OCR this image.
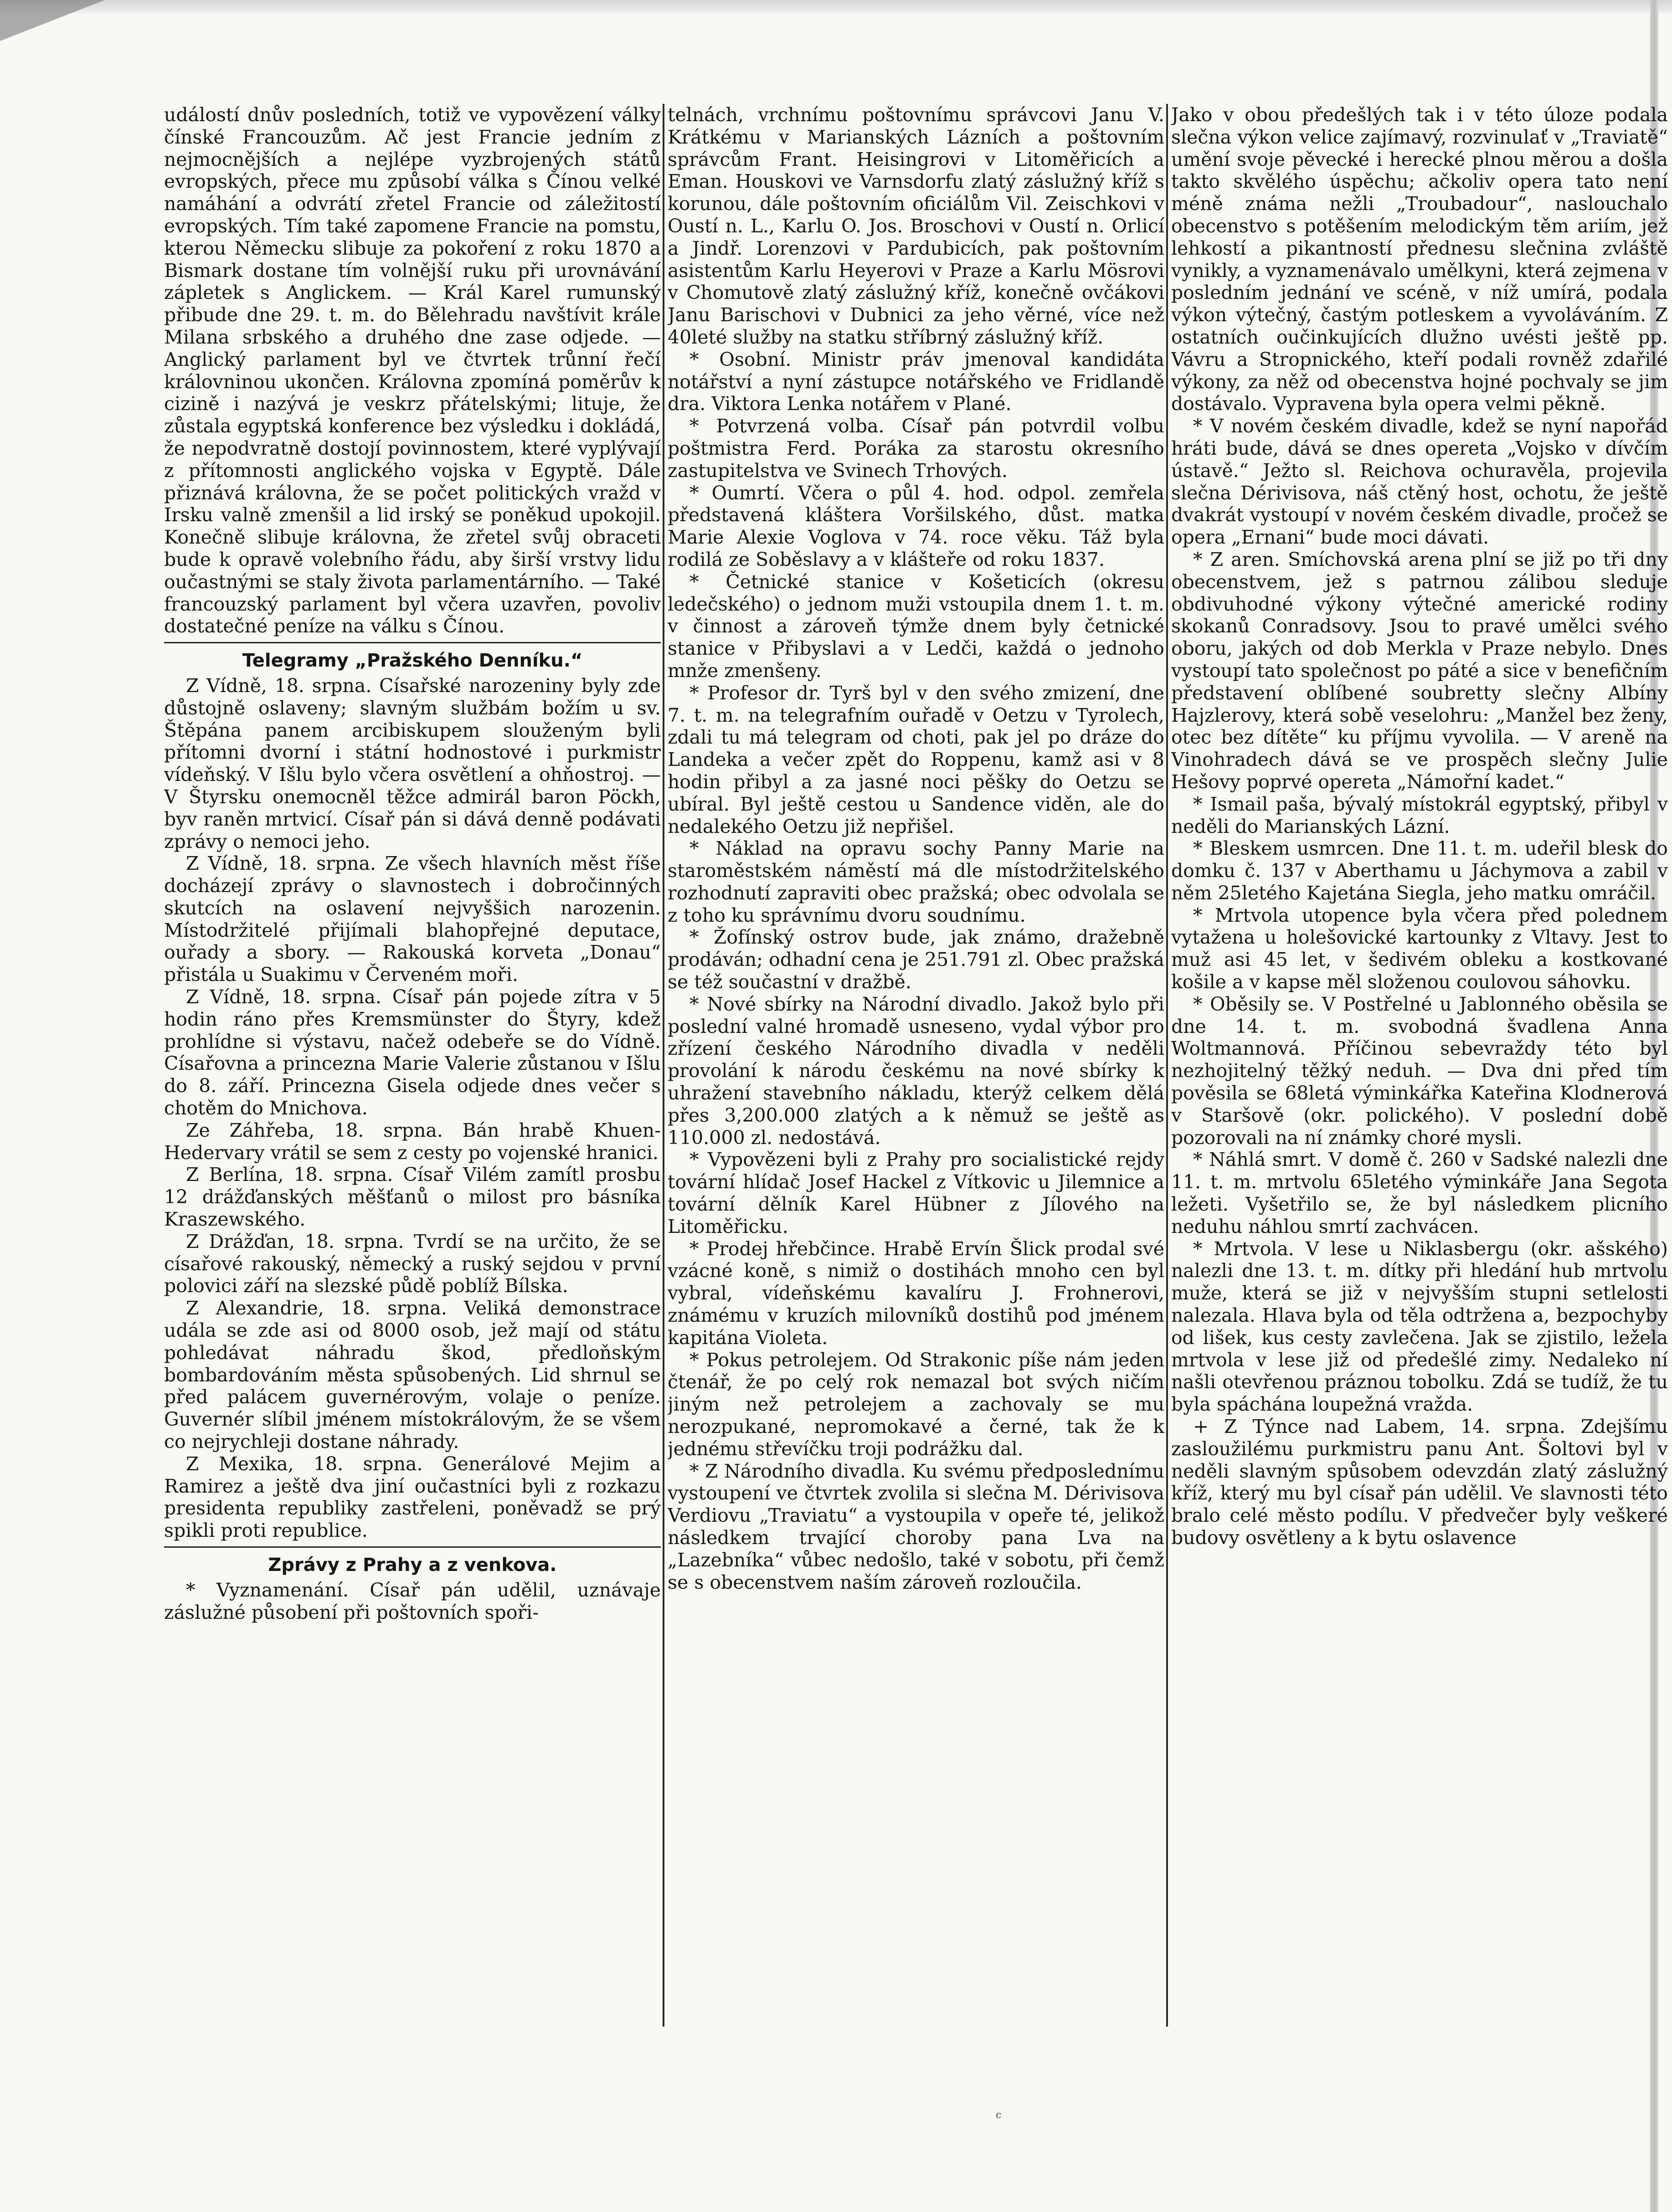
událostí dnův posledních, totiž ve vypovězení války čínské Francouzům. Ač jest Francie jedním z nejmocnějších a nejlépe vyzbrojených států evropských, přece mu způsobí válka s Čínou velké namáhání a odvrátí zřetel Francie od záležitostí evropských. Tím také zapomene Francie na pomstu, kterou Německu slibuje za pokoření z roku 1870 a Bismark dostane tím volnější ruku při urovnávání zápletek s Anglickem. — Král Karel rumunský přibude dne 29. t. m. do Bělehradu navštívit krále Milana srbského a druhého dne zase odjede. — Anglický parlament byl ve čtvrtek trůnní řečí královninou ukončen. Královna zpomíná poměrův k cizině i nazývá je veskrz přátelskými; lituje, že zůstala egyptská konference bez výsledku i dokládá, že nepodvratně dostojí povinnostem, které vyplývají z přítomnosti anglického vojska v Egyptě. Dále přiznává královna, že se počet politických vražd v Irsku valně zmenšil a lid irský se poněkud upokojil. Konečně slibuje královna, že zřetel svůj obraceti bude k opravě volebního řádu, aby širší vrstvy lidu oučastnými se staly života parlamentárního. — Také francouzský parlament byl včera uzavřen, povoliv dostatečné peníze na válku s Čínou.

Telegramy „Pražského Denníku.“

Z Vídně, 18. srpna. Císařské narozeniny byly zde důstojně oslaveny; slavným službám božím u sv. Štěpána panem arcibiskupem slouženým byli přítomni dvorní i státní hodnostové i purkmistr vídeňský. V Išlu bylo včera osvětlení a ohňostroj. — V Štyrsku onemocněl těžce admirál baron Pöckh, byv raněn mrtvicí. Císař pán si dává denně podávati zprávy o nemoci jeho.

Z Vídně, 18. srpna. Ze všech hlavních měst říše docházejí zprávy o slavnostech i dobročinných skutcích na oslavení nejvyššich narozenin. Místodržitelé přijímali blahopřejné deputace, ouřady a sbory. — Rakouská korveta „Donau“ přistála u Suakimu v Červeném moři.

Z Vídně, 18. srpna. Císař pán pojede zítra v 5 hodin ráno přes Kremsmünster do Štyry, kdež prohlídne si výstavu, načež odebeře se do Vídně. Císařovna a princezna Marie Valerie zůstanou v Išlu do 8. září. Princezna Gisela odjede dnes večer s chotěm do Mnichova.

Ze Záhřeba, 18. srpna. Bán hrabě Khuen-Hedervary vrátil se sem z cesty po vojenské hranici.

Z Berlína, 18. srpna. Císař Vilém zamítl prosbu 12 drážďanských měšťanů o milost pro básníka Kraszewského.

Z Drážďan, 18. srpna. Tvrdí se na určito, že se císařové rakouský, německý a ruský sejdou v první polovici září na slezské půdě poblíž Bílska.

Z Alexandrie, 18. srpna. Veliká demonstrace udála se zde asi od 8000 osob, jež mají od státu pohledávat náhradu škod, předloňským bombardováním města spůsobených. Lid shrnul se před palácem guvernérovým, volaje o peníze. Guvernér slíbil jménem místokrálovým, že se všem co nejrychleji dostane náhrady.

Z Mexika, 18. srpna. Generálové Mejim a Ramirez a ještě dva jiní oučastníci byli z rozkazu presidenta republiky zastřeleni, poněvadž se prý spikli proti republice.

Zprávy z Prahy a z venkova.

* Vyznamenání. Císař pán udělil, uznávaje záslužné působení při poštovních spoři-

telnách, vrchnímu poštovnímu správcovi Janu V. Krátkému v Marianských Lázních a poštovním správcům Frant. Heisingrovi v Litoměřicích a Eman. Houskovi ve Varnsdorfu zlatý záslužný kříž s korunou, dále poštovním oficiálům Vil. Zeischkovi v Oustí n. L., Karlu O. Jos. Broschovi v Oustí n. Orlicí a Jindř. Lorenzovi v Pardubicích, pak poštovním asistentům Karlu Heyerovi v Praze a Karlu Mösrovi v Chomutově zlatý záslužný kříž, konečně ovčákovi Janu Barischovi v Dubnici za jeho věrné, více než 40leté služby na statku stříbrný záslužný kříž.

* Osobní. Ministr práv jmenoval kandidáta notářství a nyní zástupce notářského ve Fridlandě dra. Viktora Lenka notářem v Plané.

* Potvrzená volba. Císař pán potvrdil volbu poštmistra Ferd. Poráka za starostu okresního zastupitelstva ve Svinech Trhových.

* Oumrtí. Včera o půl 4. hod. odpol. zemřela představená kláštera Voršilského, důst. matka Marie Alexie Voglova v 74. roce věku. Táž byla rodilá ze Soběslavy a v klášteře od roku 1837.

* Četnické stanice v Košeticích (okresu ledečského) o jednom muži vstoupila dnem 1. t. m. v činnost a zároveň týmže dnem byly četnické stanice v Přibyslavi a v Ledči, každá o jednoho mnže zmenšeny.

* Profesor dr. Tyrš byl v den svého zmizení, dne 7. t. m. na telegrafním ouřadě v Oetzu v Tyrolech, zdali tu má telegram od choti, pak jel po dráze do Landeka a večer zpět do Roppenu, kamž asi v 8 hodin přibyl a za jasné noci pěšky do Oetzu se ubíral. Byl ještě cestou u Sandence viděn, ale do nedalekého Oetzu již nepřišel.

* Náklad na opravu sochy Panny Marie na staroměstském náměstí má dle místodržitelského rozhodnutí zapraviti obec pražská; obec odvolala se z toho ku správnímu dvoru soudnímu.

* Žofínský ostrov bude, jak známo, dražebně prodáván; odhadní cena je 251.791 zl. Obec pražská se též součastní v dražbě.

* Nové sbírky na Národní divadlo. Jakož bylo při poslední valné hromadě usneseno, vydal výbor pro zřízení českého Národního divadla v neděli provolání k národu českému na nové sbírky k uhražení stavebního nákladu, kterýž celkem dělá přes 3,200.000 zlatých a k němuž se ještě as 110.000 zl. nedostává.

* Vypovězeni byli z Prahy pro socialistické rejdy tovární hlídač Josef Hackel z Vítkovic u Jilemnice a tovární dělník Karel Hübner z Jílového na Litoměřicku.

* Prodej hřebčince. Hrabě Ervín Šlick prodal své vzácné koně, s nimiž o dostihách mnoho cen byl vybral, vídeňskému kavalíru J. Frohnerovi, známému v kruzích milovníků dostihů pod jménem kapitána Violeta.

* Pokus petrolejem. Od Strakonic píše nám jeden čtenář, že po celý rok nemazal bot svých ničím jiným než petrolejem a zachovaly se mu nerozpukané, nepromokavé a černé, tak že k jednému střevíčku troji podrážku dal.

* Z Národního divadla. Ku svému předposlednímu vystoupení ve čtvrtek zvolila si slečna M. Dérivisova Verdiovu „Traviatu“ a vystoupila v opeře té, jelikož následkem trvající choroby pana Lva na „Lazebníka“ vůbec nedošlo, také v sobotu, při čemž se s obecenstvem naším zároveň rozloučila.

Jako v obou předešlých tak i v této úloze podala slečna výkon velice zajímavý, rozvinulať v „Traviatě“ umění svoje pěvecké i herecké plnou měrou a došla takto skvělého úspěchu; ačkoliv opera tato není méně známa nežli „Troubadour“, naslouchalo obecenstvo s potěšením melodickým těm ariím, jež lehkostí a pikantností přednesu slečnina zvláště vynikly, a vyznamenávalo umělkyni, která zejmena v posledním jednání ve scéně, v níž umírá, podala výkon výtečný, častým potleskem a vyvoláváním. Z ostatních oučinkujících dlužno uvésti ještě pp. Vávru a Stropnického, kteří podali rovněž zdařilé výkony, za něž od obecenstva hojné pochvaly se jim dostávalo. Vypravena byla opera velmi pěkně.

* V novém českém divadle, kdež se nyní napořád hráti bude, dává se dnes opereta „Vojsko v dívčím ústavě.“ Ježto sl. Reichova ochuravěla, projevila slečna Dérivisova, náš ctěný host, ochotu, že ještě dvakrát vystoupí v novém českém divadle, pročež se opera „Ernani“ bude moci dávati.

* Z aren. Smíchovská arena plní se již po tři dny obecenstvem, jež s patrnou zálibou sleduje obdivuhodné výkony výtečné americké rodiny skokanů Conradsovy. Jsou to pravé umělci svého oboru, jakých od dob Merkla v Praze nebylo. Dnes vystoupí tato společnost po páté a sice v benefičním představení oblíbené soubretty slečny Albíny Hajzlerovy, která sobě veselohru: „Manžel bez ženy, otec bez dítěte“ ku příjmu vyvolila. — V areně na Vinohradech dává se ve prospěch slečny Julie Hešovy poprvé opereta „Námořní kadet.“

* Ismail paša, bývalý místokrál egyptský, přibyl v neděli do Marianských Lázní.

* Bleskem usmrcen. Dne 11. t. m. udeřil blesk do domku č. 137 v Aberthamu u Jáchymova a zabil v něm 25letého Kajetána Siegla, jeho matku omráčil.

* Mrtvola utopence byla včera před polednem vytažena u holešovické kartounky z Vltavy. Jest to muž asi 45 let, v šedivém obleku a kostkované košile a v kapse měl složenou coulovou sáhovku.

* Oběsily se. V Postřelné u Jablonného oběsila se dne 14. t. m. svobodná švadlena Anna Woltmannová. Příčinou sebevraždy této byl nezhojitelný těžký neduh. — Dva dni před tím pověsila se 68letá výminkářka Kateřina Klodnerová v Staršově (okr. polického). V poslední době pozorovali na ní známky choré mysli.

* Náhlá smrt. V domě č. 260 v Sadské nalezli dne 11. t. m. mrtvolu 65letého výminkáře Jana Segota ležeti. Vyšetřilo se, že byl následkem plicního neduhu náhlou smrtí zachvácen.

* Mrtvola. V lese u Niklasbergu (okr. ašského) nalezli dne 13. t. m. dítky při hledání hub mrtvolu muže, která se již v nejvyšším stupni setlelosti nalezala. Hlava byla od těla odtržena a, bezpochyby od lišek, kus cesty zavlečena. Jak se zjistilo, ležela mrtvola v lese již od předešlé zimy. Nedaleko ní našli otevřenou práznou tobolku. Zdá se tudíž, že tu byla spáchána loupežná vražda.

+ Z Týnce nad Labem, 14. srpna. Zdejšímu zasloužilému purkmistru panu Ant. Šoltovi byl v neděli slavným spůsobem odevzdán zlatý záslužný kříž, který mu byl císař pán udělil. Ve slavnosti této bralo celé město podílu. V předvečer byly veškeré budovy osvětleny a k bytu oslavence

c
